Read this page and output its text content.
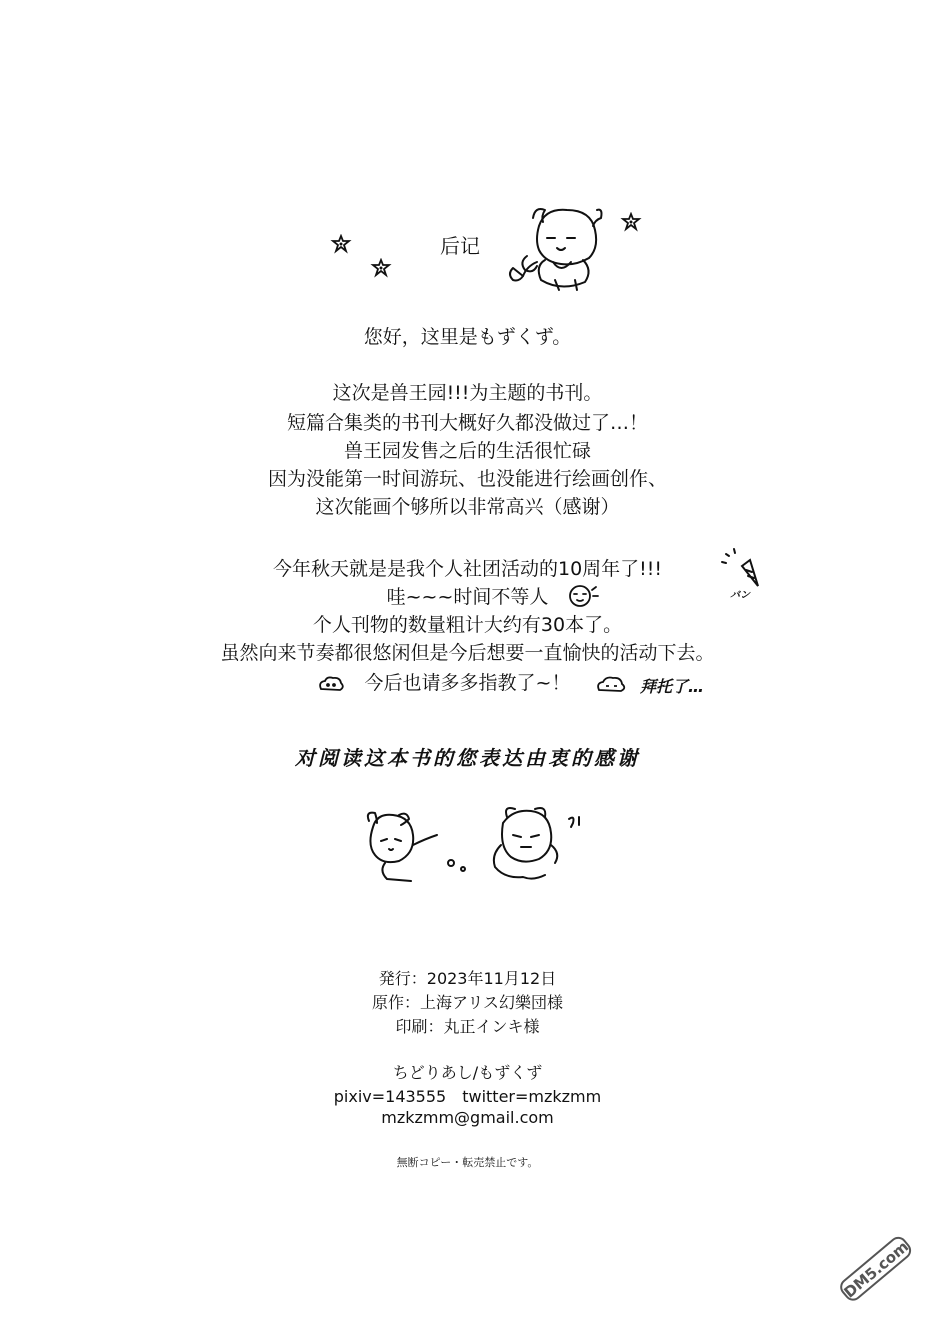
后记
您好，这里是もずくず。
这次是兽王园!!!为主题的书刊。
短篇合集类的书刊大概好久都没做过了…！
兽王园发售之后的生活很忙碌
因为没能第一时间游玩、也没能进行绘画创作、
这次能画个够所以非常高兴（感谢）
今年秋天就是是我个人社团活动的10周年了!!!
哇~~~时间不等人
个人刊物的数量粗计大约有30本了。
虽然向来节奏都很悠闲但是今后想要一直愉快的活动下去。
今后也请多多指教了~！
バン
拜托了…
对阅读这本书的您表达由衷的感谢
発行：2023年11月12日
原作：上海アリス幻樂団様
印刷：丸正インキ様
ちどりあし/もずくず
pixiv=143555　twitter=mzkzmm
mzkzmm@gmail.com
無断コピー・転売禁止です。
DM5.com
